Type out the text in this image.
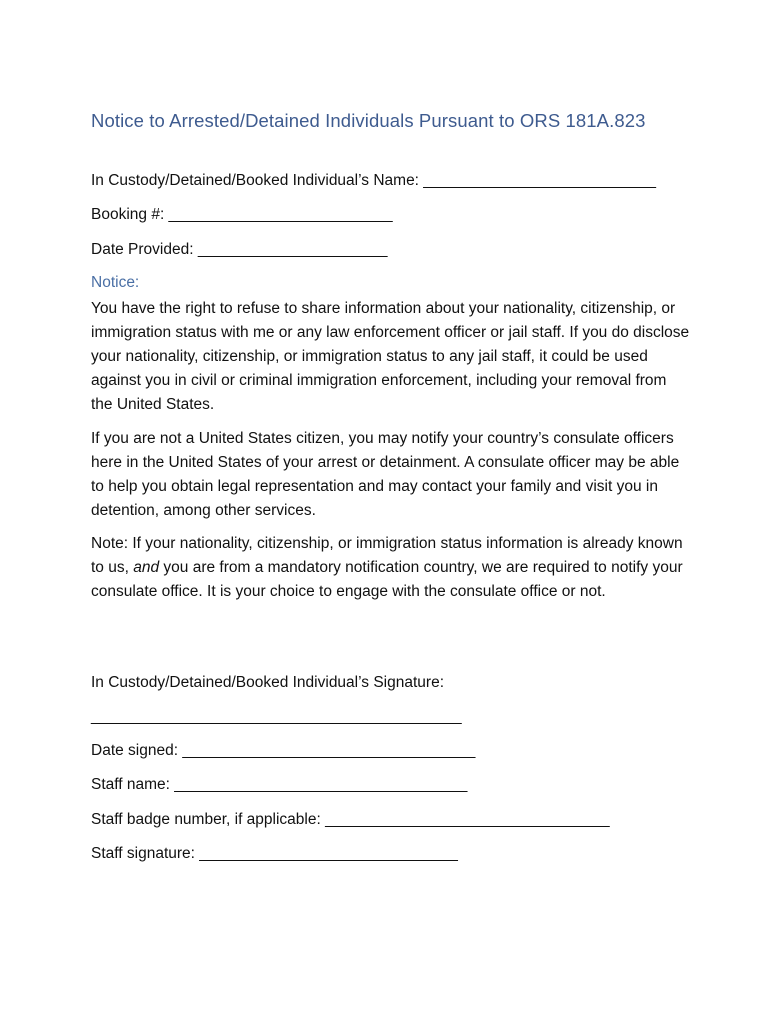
Notice to Arrested/Detained Individuals Pursuant to ORS 181A.823
In Custody/Detained/Booked Individual’s Name: ___________________________
Booking #: __________________________
Date Provided: ______________________
Notice:
You have the right to refuse to share information about your nationality, citizenship, or immigration status with me or any law enforcement officer or jail staff. If you do disclose your nationality, citizenship, or immigration status to any jail staff, it could be used against you in civil or criminal immigration enforcement, including your removal from the United States.
If you are not a United States citizen, you may notify your country’s consulate officers here in the United States of your arrest or detainment. A consulate officer may be able to help you obtain legal representation and may contact your family and visit you in detention, among other services.
Note: If your nationality, citizenship, or immigration status information is already known to us, and you are from a mandatory notification country, we are required to notify your consulate office. It is your choice to engage with the consulate office or not.
In Custody/Detained/Booked Individual’s Signature:
___________________________________________
Date signed: __________________________________
Staff name: __________________________________
Staff badge number, if applicable: _________________________________
Staff signature: ______________________________
